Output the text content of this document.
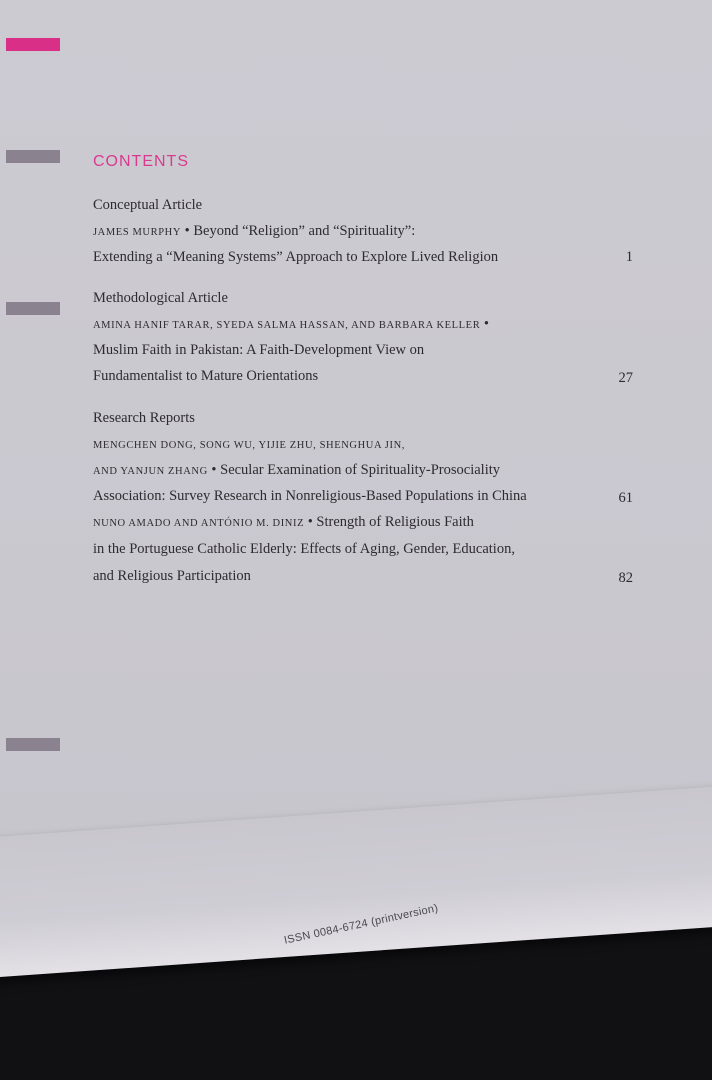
CONTENTS
Conceptual Article
JAMES MURPHY • Beyond “Religion” and “Spirituality”:
Extending a “Meaning Systems” Approach to Explore Lived Religion	1
Methodological Article
AMINA HANIF TARAR, SYEDA SALMA HASSAN, AND BARBARA KELLER •
Muslim Faith in Pakistan: A Faith-Development View on
Fundamentalist to Mature Orientations	27
Research Reports
MENGCHEN DONG, SONG WU, YIJIE ZHU, SHENGHUA JIN,
AND YANJUN ZHANG • Secular Examination of Spirituality-Prosociality
Association: Survey Research in Nonreligious-Based Populations in China	61
NUNO AMADO AND ANTÓNIO M. DINIZ • Strength of Religious Faith
in the Portuguese Catholic Elderly: Effects of Aging, Gender, Education,
and Religious Participation	82
ISSN 0084-6724 (printversion)
